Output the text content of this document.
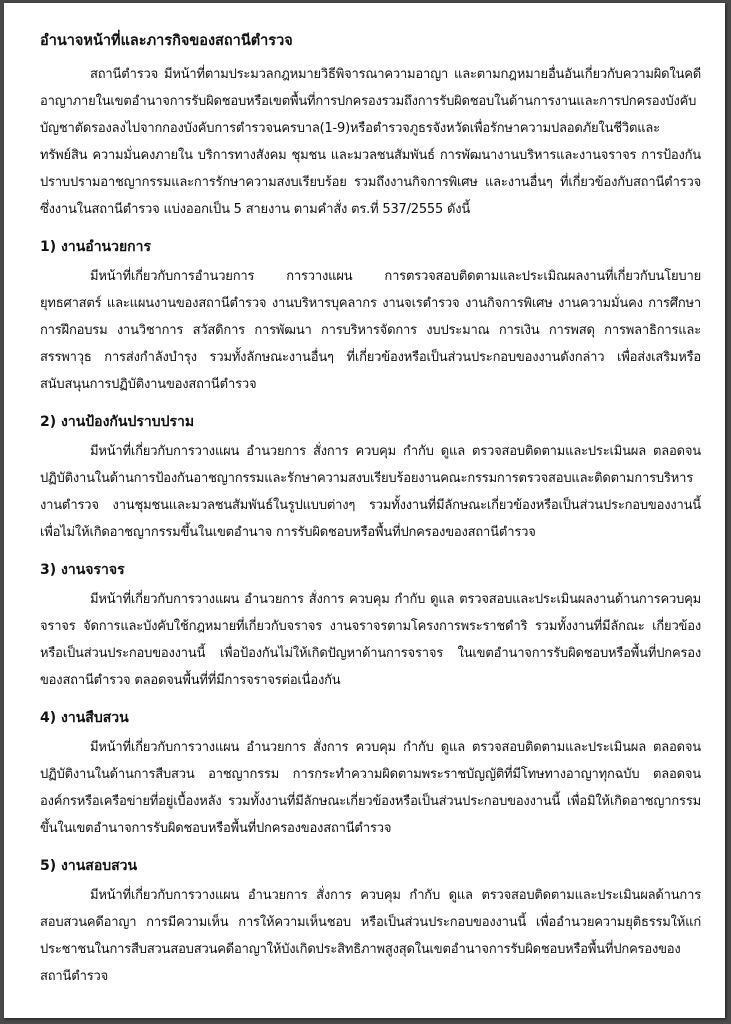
อำนาจหน้าที่และภารกิจของสถานีตำรวจ

สถานีตำรวจ มีหน้าที่ตามประมวลกฎหมายวิธีพิจารณาความอาญา และตามกฎหมายอื่นอันเกี่ยวกับความผิดในคดีอาญาภายในเขตอำนาจการรับผิดชอบหรือเขตพื้นที่การปกครองรวมถึงการรับผิดชอบในด้านการงานและการปกครองบังคับบัญชาตัดรองลงไปจากกองบังคับการตำรวจนครบาล(1-9)หรือตำรวจภูธรจังหวัดเพื่อรักษาความปลอดภัยในชีวิตและทรัพย์สิน ความมั่นคงภายใน บริการทางสังคม ชุมชน และมวลชนสัมพันธ์ การพัฒนางานบริหารและงานจราจร การป้องกันปราบปรามอาชญากรรมและการรักษาความสงบเรียบร้อย รวมถึงงานกิจการพิเศษ และงานอื่นๆ ที่เกี่ยวข้องกับสถานีตำรวจ ซึ่งงานในสถานีตำรวจ แบ่งออกเป็น 5 สายงาน ตามคำสั่ง ตร.ที่ 537/2555 ดังนี้

1) งานอำนวยการ

มีหน้าที่เกี่ยวกับการอำนวยการ การวางแผน การตรวจสอบติดตามและประเมิณผลงานที่เกี่ยวกับนโยบาย ยุทธศาสตร์ และแผนงานของสถานีตำรวจ งานบริหารบุคลากร งานจเรตำรวจ งานกิจการพิเศษ งานความมั่นคง การศึกษา การฝึกอบรม งานวิชาการ สวัสดิการ การพัฒนา การบริหารจัดการ งบประมาณ การเงิน การพสดุ การพลาธิการและสรรพาวุธ การส่งกำลังบำรุง รวมทั้งลักษณะงานอื่นๆ ที่เกี่ยวข้องหรือเป็นส่วนประกอบของงานดังกล่าว เพื่อส่งเสริมหรือสนับสนุนการปฏิบัติงานของสถานีตำรวจ

2) งานป้องกันปราบปราม

มีหน้าที่เกี่ยวกับการวางแผน อำนวยการ สั่งการ ควบคุม กำกับ ดูแล ตรวจสอบติดตามและประเมินผล ตลอดจนปฏิบัติงานในด้านการป้องกันอาชญากรรมและรักษาความสงบเรียบร้อยงานคณะกรรมการตรวจสอบและติดตามการบริหารงานตำรวจ งานชุมชนและมวลชนสัมพันธ์ในรูปแบบต่างๆ รวมทั้งงานที่มีลักษณะเกี่ยวข้องหรือเป็นส่วนประกอบของงานนี้ เพื่อไม่ให้เกิดอาชญากรรมขึ้นในเขตอำนาจ การรับผิดชอบหรือพื้นที่ปกครองของสถานีตำรวจ

3) งานจราจร

มีหน้าที่เกี่ยวกับการวางแผน อำนวยการ สั่งการ ควบคุม กำกับ ดูแล ตรวจสอบและประเมินผลงานด้านการควบคุมจราจร จัดการและบังคับใช้กฎหมายที่เกี่ยวกับจราจร งานจราจรตามโครงการพระราชดำริ รวมทั้งงานที่มีลักณะ เกี่ยวข้องหรือเป็นส่วนประกอบของงานนี้ เพื่อป้องกันไม่ให้เกิดปัญหาด้านการจราจร ในเขตอำนาจการรับผิดชอบหรือพื้นที่ปกครองของสถานีตำรวจ ตลอดจนพื้นที่ที่มีการจราจรต่อเนื่องกัน

4) งานสืบสวน

มีหน้าที่เกี่ยวกับการวางแผน อำนวยการ สั่งการ ควบคุม กำกับ ดูแล ตรวจสอบติดตามและประเมินผล ตลอดจนปฏิบัติงานในด้านการสืบสวน อาชญากรรม การกระทำความผิดตามพระราชบัญญัติที่มีโทษทางอาญาทุกฉบับ ตลอดจนองค์กรหรือเครือข่ายที่อยู่เบื้องหลัง รวมทั้งงานที่มีลักษณะเกี่ยวข้องหรือเป็นส่วนประกอบของงานนี้ เพื่อมิให้เกิดอาชญากรรมขึ้นในเขตอำนาจการรับผิดชอบหรือพื้นที่ปกครองของสถานีตำรวจ

5) งานสอบสวน

มีหน้าที่เกี่ยวกับการวางแผน อำนวยการ สั่งการ ควบคุม กำกับ ดูแล ตรวจสอบติดตามและประเมินผลด้านการสอบสวนคดีอาญา การมีความเห็น การให้ความเห็นชอบ หรือเป็นส่วนประกอบของงานนี้ เพื่ออำนวยความยุติธรรมให้แก่ประชาชนในการสืบสวนสอบสวนคดีอาญาให้บังเกิดประสิทธิภาพสูงสุดในเขตอำนาจการรับผิดชอบหรือพื้นที่ปกครองของสถานีตำรวจ
